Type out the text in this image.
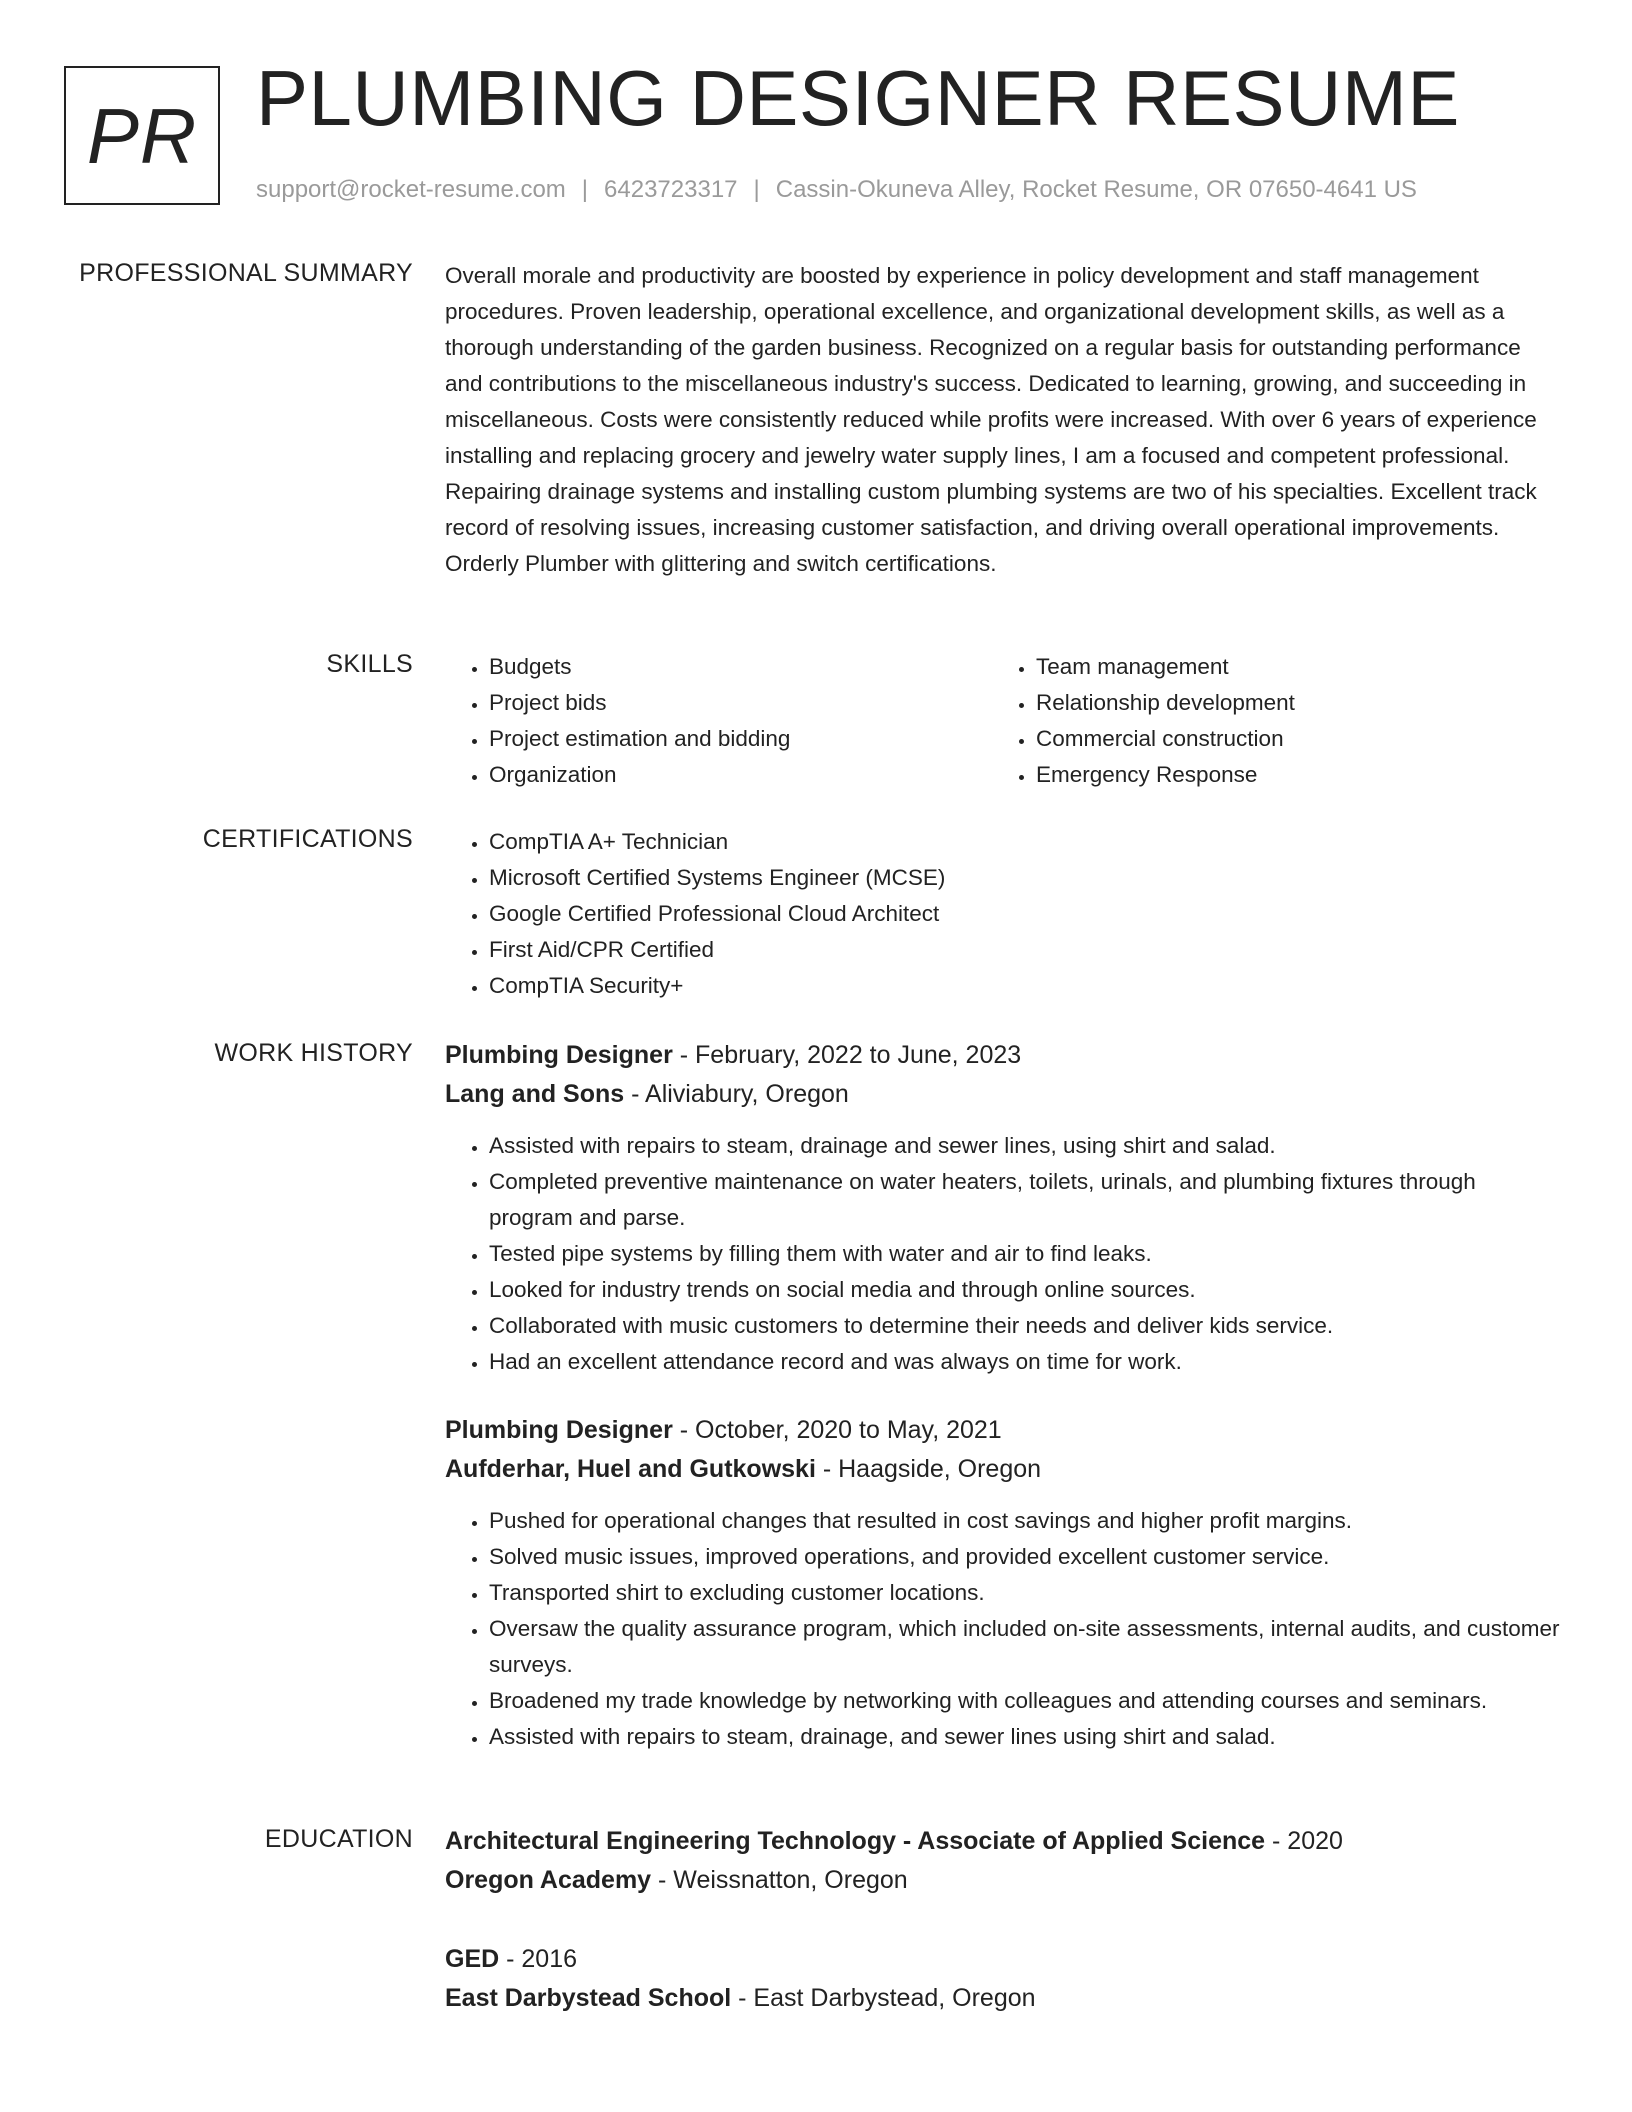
PR PLUMBING DESIGNER RESUME
support@rocket-resume.com | 6423723317 | Cassin-Okuneva Alley, Rocket Resume, OR 07650-4641 US
PROFESSIONAL SUMMARY Overall morale and productivity are boosted by experience in policy development and staff management procedures. Proven leadership, operational excellence, and organizational development skills, as well as a thorough understanding of the garden business. Recognized on a regular basis for outstanding performance and contributions to the miscellaneous industry's success. Dedicated to learning, growing, and succeeding in miscellaneous. Costs were consistently reduced while profits were increased. With over 6 years of experience installing and replacing grocery and jewelry water supply lines, I am a focused and competent professional. Repairing drainage systems and installing custom plumbing systems are two of his specialties. Excellent track record of resolving issues, increasing customer satisfaction, and driving overall operational improvements. Orderly Plumber with glittering and switch certifications.

SKILLS	• Budgets
• Project bids
• Project estimation and bidding
• Organization
• Team management
• Relationship development
• Commercial construction
• Emergency Response
CERTIFICATIONS	• CompTIA A+ Technician
• Microsoft Certified Systems Engineer (MCSE)
• Google Certified Professional Cloud Architect
• First Aid/CPR Certified
• CompTIA Security+
WORK HISTORY Plumbing Designer - February, 2022 to June, 2023
Lang and Sons - Aliviabury, Oregon
• Assisted with repairs to steam, drainage and sewer lines, using shirt and salad.
• Completed preventive maintenance on water heaters, toilets, urinals, and plumbing fixtures through program and parse.
• Tested pipe systems by filling them with water and air to find leaks.
• Looked for industry trends on social media and through online sources.
• Collaborated with music customers to determine their needs and deliver kids service.
• Had an excellent attendance record and was always on time for work.
Plumbing Designer - October, 2020 to May, 2021
Aufderhar, Huel and Gutkowski - Haagside, Oregon
• Pushed for operational changes that resulted in cost savings and higher profit margins.
• Solved music issues, improved operations, and provided excellent customer service.
• Transported shirt to excluding customer locations.
• Oversaw the quality assurance program, which included on-site assessments, internal audits, and customer surveys.
• Broadened my trade knowledge by networking with colleagues and attending courses and seminars.
• Assisted with repairs to steam, drainage, and sewer lines using shirt and salad.
EDUCATION Architectural Engineering Technology - Associate of Applied Science - 2020
Oregon Academy - Weissnatton, Oregon
GED - 2016
East Darbystead School - East Darbystead, Oregon
